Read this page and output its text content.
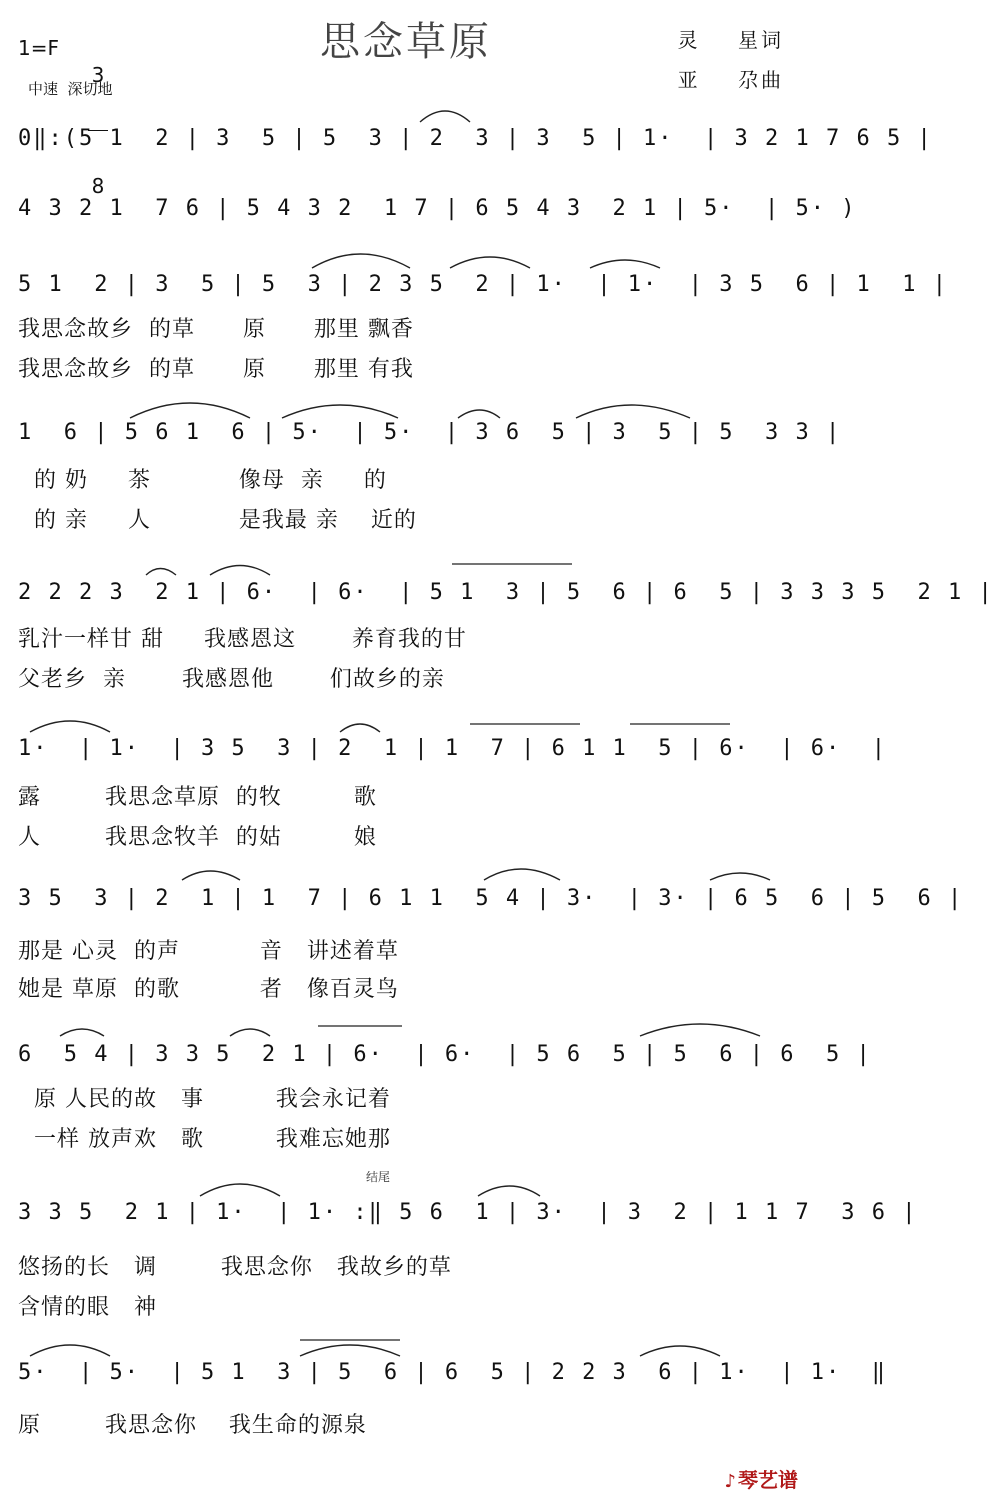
思念草原
1=F

3

8

中速  深切地
灵    星词
亚    尕曲
0‖:(5 1  2 | 3  5 | 5  3 | 2  3 | 3  5 | 1·  | 3 2 1 7 6 5 |
4 3 2 1  7 6 | 5 4 3 2  1 7 | 6 5 4 3  2 1 | 5·  | 5· )
5 1  2 | 3  5 | 5  3 | 2 3 5  2 | 1·  | 1·  | 3 5  6 | 1  1 |
我思念故乡  的草      原      那里 飘香
我思念故乡  的草      原      那里 有我
1  6 | 5 6 1  6 | 5·  | 5·  | 3 6  5 | 3  5 | 5  3 3 |
的 奶     茶           像母  亲     的
的 亲     人           是我最 亲    近的
2 2 2 3  2 1 | 6·  | 6·  | 5 1  3 | 5  6 | 6  5 | 3 3 3 5  2 1 |
乳汁一样甘 甜     我感恩这       养育我的甘
父老乡  亲       我感恩他       们故乡的亲
1·  | 1·  | 3 5  3 | 2  1 | 1  7 | 6 1 1  5 | 6·  | 6·  |
露        我思念草原  的牧         歌
人        我思念牧羊  的姑         娘
3 5  3 | 2  1 | 1  7 | 6 1 1  5 4 | 3·  | 3· | 6 5  6 | 5  6 |
那是 心灵  的声          音   讲述着草
她是 草原  的歌          者   像百灵鸟
6  5 4 | 3 3 5  2 1 | 6·  | 6·  | 5 6  5 | 5  6 | 6  5 |
原 人民的故   事         我会永记着
一样 放声欢   歌         我难忘她那
结尾
3 3 5  2 1 | 1·  | 1· :‖ 5 6  1 | 3·  | 3  2 | 1 1 7  3 6 |
悠扬的长   调        我思念你   我故乡的草
含情的眼   神
5·  | 5·  | 5 1  3 | 5  6 | 6  5 | 2 2 3  6 | 1·  | 1·  ‖
原        我思念你    我生命的源泉

♪ 琴艺谱
